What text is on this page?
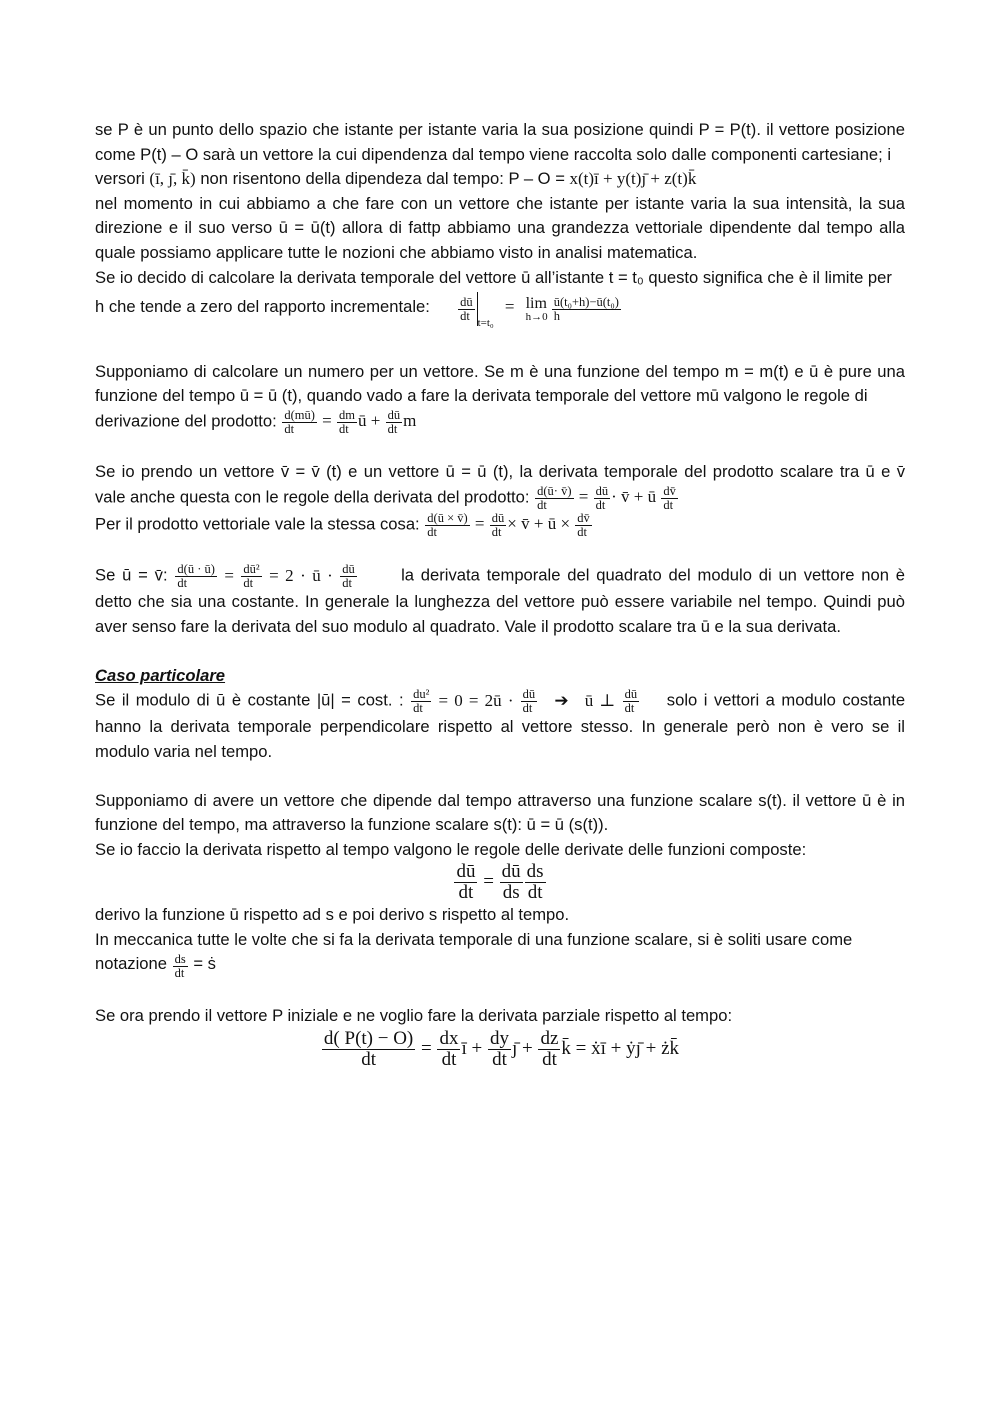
se P è un punto dello spazio che istante per istante varia la sua posizione quindi P = P(t). il vettore posizione come P(t) – O sarà un vettore la cui dipendenza dal tempo viene raccolta solo dalle componenti cartesiane; i

versori (ī, ȷ̄, k̄) non risentono della dipendeza dal tempo: P – O = x(t)ī + y(t)ȷ̄ + z(t)k̄

nel momento in cui abbiamo a che fare con un vettore che istante per istante varia la sua intensità, la sua direzione e il suo verso ū = ū(t) allora di fattp abbiamo una grandezza vettoriale dipendente dal tempo alla quale possiamo applicare tutte le nozioni che abbiamo visto in analisi matematica.

Se io decido di calcolare la derivata temporale del vettore ū all’istante t = t₀ questo significa che è il limite per

h che tende a zero del rapporto incrementale: $\frac{dū}{dt}$
t=t₀ = lim
h→0
$\frac{\text{ū(t₀+h)−ū(t₀)}}{h}$

Supponiamo di calcolare un numero per un vettore. Se m è una funzione del tempo m = m(t) e ū è pure una funzione del tempo ū = ū (t), quando vado a fare la derivata temporale del vettore mū valgono le regole di

derivazione del prodotto: $\frac{d(mū)}{dt} = \frac{dm}{dt}$ ū + $\frac{dū}{dt}$ m

Se io prendo un vettore v̄ = v̄ (t) e un vettore ū = ū (t), la derivata temporale del prodotto scalare tra ū e v̄

vale anche questa con le regole della derivata del prodotto: $\frac{d(ū\cdot v̄)}{dt} = \frac{dū}{dt}$ · v̄ + ū $\frac{dv̄}{dt}$

Per il prodotto vettoriale vale la stessa cosa: $\frac{d(ū \times v̄)}{dt} = \frac{dū}{dt}$ × v̄ + ū × $\frac{dv̄}{dt}$

Se ū = v̄: $\frac{d(ū \cdot ū)}{dt} = \frac{\text{dū²}}{dt} = 2$ · ū · $\frac{dū}{dt}$	la derivata temporale del quadrato del modulo di un vettore non è

detto che sia una costante. In generale la lunghezza del vettore può essere variabile nel tempo. Quindi può aver senso fare la derivata del suo modulo al quadrato. Vale il prodotto scalare tra ū e la sua derivata.

Caso particolare

Se il modulo di ū è costante |ū| = cost. : $\frac{\text{du²}}{dt} = 0$ = 2ū · $\frac{dū}{dt}$ ➔ ū ⊥ $\frac{dū}{dt}$ solo i vettori a modulo costante

hanno la derivata temporale perpendicolare rispetto al vettore stesso. In generale però non è vero se il modulo varia nel tempo.

Supponiamo di avere un vettore che dipende dal tempo attraverso una funzione scalare s(t). il vettore ū è in funzione del tempo, ma attraverso la funzione scalare s(t): ū = ū (s(t)).

Se io faccio la derivata rispetto al tempo valgono le regole delle derivate delle funzioni composte:

$\frac{dū}{dt} = \frac{dū}{ds} \frac{ds}{dt}$

derivo la funzione ū rispetto ad s e poi derivo s rispetto al tempo.

In meccanica tutte le volte che si fa la derivata temporale di una funzione scalare, si è soliti usare come

notazione $\frac{ds}{dt}$ = ṡ

Se ora prendo il vettore P iniziale e ne voglio fare la derivata parziale rispetto al tempo:

$\frac{d( P(t) - O)}{dt} = \frac{dx}{dt}$ ī + $\frac{dy}{dt}$ ȷ̄ + $\frac{dz}{dt}$ k̄ = ẋī + ẏȷ̄ + żk̄
